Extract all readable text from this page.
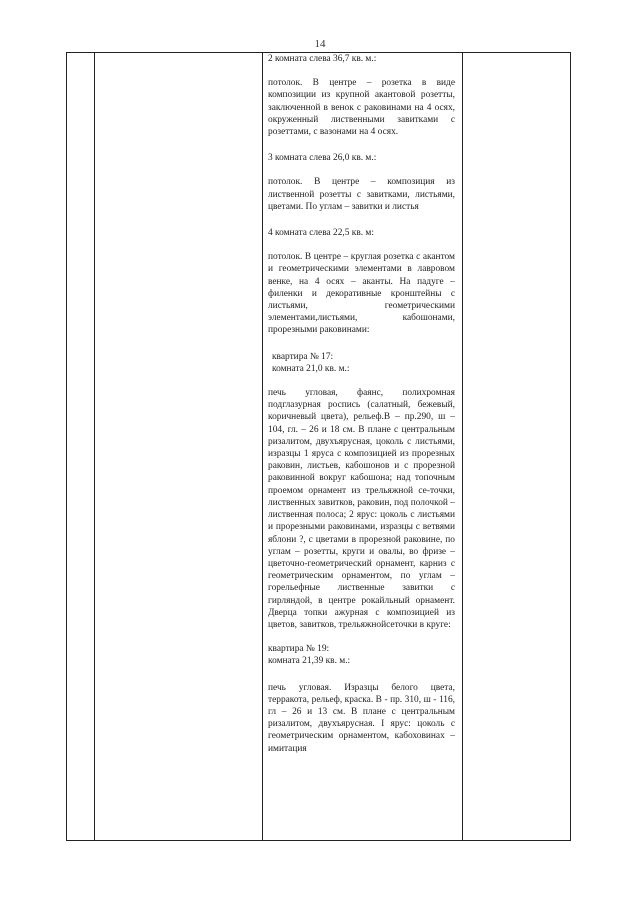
14

2 комната слева 36,7 кв. м.:

потолок. В центре – розетка в виде композиции из крупной акантовой розетты, заключенной в венок с раковинами на 4 осях, окруженный лиственными завитками с розеттами, с вазонами на 4 осях.

3 комната слева 26,0 кв. м.:

потолок. В центре – композиция из лиственной розетты с завитками, листьями, цветами. По углам – завитки и листья

4 комната слева 22,5 кв. м:

потолок. В центре – круглая розетка с акантом и геометрическими элементами в лавровом венке, на 4 осях – аканты. На падуге – филенки и декоративные кронштейны с листьями, геометрическими элементами,листьями, кабошонами, прорезными раковинами:

квартира № 17:

комната 21,0 кв. м.:

печь угловая, фаянс, полихромная подглазурная роспись (салатный, бежевый, коричневый цвета), рельеф.В – пр.290, ш – 104, гл. – 26 и 18 см. В плане с центральным ризалитом, двухъярусная, цоколь с листьями, изразцы 1 яруса с композицией из прорезных раковин, листьев, кабошонов и с прорезной раковинной вокруг кабошона; над топочным проемом орнамент из трельяжной се-точки, лиственных завитков, раковин, под полочкой – лиственная полоса; 2 ярус: цоколь с листьями и прорезными раковинами, изразцы с ветвями яблони ?, с цветами в прорезной раковине, по углам – розетты, круги и овалы, во фризе – цветочно-геометрический орнамент, карниз с геометрическим орнаментом, по углам – горельефные лиственные завитки с гирляндой, в центре рокайльный орнамент. Дверца топки ажурная с композицией из цветов, завитков, трельяжнойсеточки в круге:

квартира № 19:

комната 21,39 кв. м.:

печь угловая. Изразцы белого цвета, терракота, рельеф, краска. В - пр. 310, ш - 116, гл – 26 и 13 см. В плане с центральным ризалитом, двухъярусная. I ярус: цоколь с геометрическим орнаментом, кабоховинах – имитация
